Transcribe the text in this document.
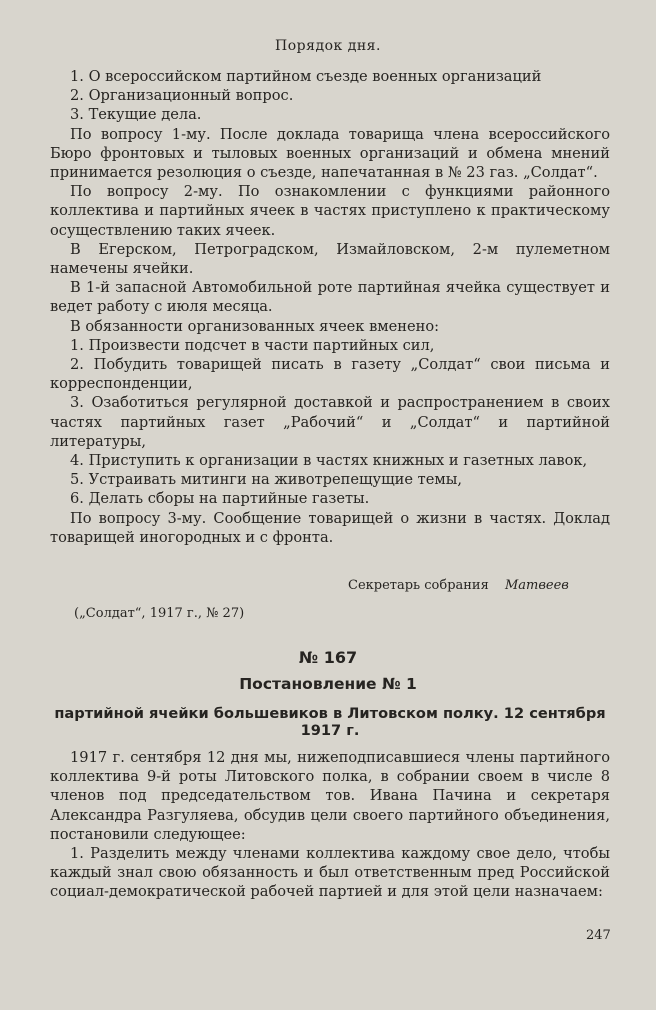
Порядок дня.

1. О всероссийском партийном съезде военных организаций

2. Организационный вопрос.

3. Текущие дела.

По вопросу 1-му. После доклада товарища члена всероссийского Бюро фронтовых и тыловых военных организаций и обмена мнений принимается резолюция о съезде, напечатанная в № 23 газ. „Солдат“.

По вопросу 2-му. По ознакомлении с функциями районного коллектива и партийных ячеек в частях приступлено к практическому осуществлению таких ячеек.

В Егерском, Петроградском, Измайловском, 2-м пулеметном намечены ячейки.

В 1-й запасной Автомобильной роте партийная ячейка существует и ведет работу с июля месяца.

В обязанности организованных ячеек вменено:

1. Произвести подсчет в части партийных сил,

2. Побудить товарищей писать в газету „Солдат“ свои письма и корреспонденции,

3. Озаботиться регулярной доставкой и распространением в своих частях партийных газет „Рабочий“ и „Солдат“ и партийной литературы,

4. Приступить к организации в частях книжных и газетных лавок,

5. Устраивать митинги на животрепещущие темы,

6. Делать сборы на партийные газеты.

По вопросу 3-му. Сообщение товарищей о жизни в частях. Доклад товарищей иногородных и с фронта.

Секретарь собрания Матвеев
(„Солдат“, 1917 г., № 27)
№ 167
Постановление № 1
партийной ячейки большевиков в Литовском полку. 12 сентября 1917 г.

1917 г. сентября 12 дня мы, нижеподписавшиеся члены партийного коллектива 9-й роты Литовского полка, в собрании своем в числе 8 членов под председательством тов. Ивана Пачина и секретаря Александра Разгуляева, обсудив цели своего партийного объединения, постановили следующее:

1. Разделить между членами коллектива каждому свое дело, чтобы каждый знал свою обязанность и был ответственным пред Российской социал-демократической рабочей партией и для этой цели назначаем:

247
